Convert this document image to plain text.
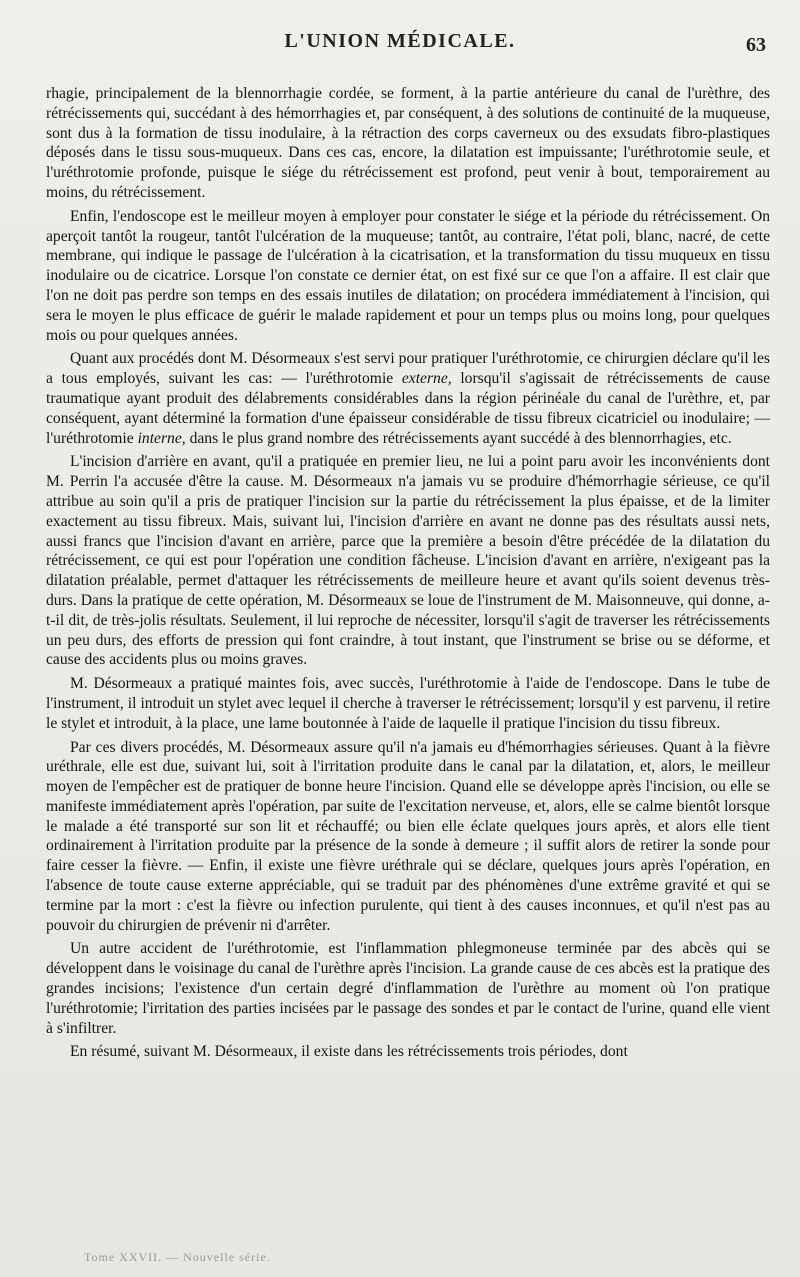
L'UNION MÉDICALE.	63

rhagie, principalement de la blennorrhagie cordée, se forment, à la partie antérieure du canal de l'urèthre, des rétrécissements qui, succédant à des hémorrhagies et, par conséquent, à des solutions de continuité de la muqueuse, sont dus à la formation de tissu inodulaire, à la rétraction des corps caverneux ou des exsudats fibro-plastiques déposés dans le tissu sous-muqueux. Dans ces cas, encore, la dilatation est impuissante; l'uréthrotomie seule, et l'uréthrotomie profonde, puisque le siége du rétrécissement est profond, peut venir à bout, temporairement au moins, du rétrécissement.

Enfin, l'endoscope est le meilleur moyen à employer pour constater le siége et la période du rétrécissement. On aperçoit tantôt la rougeur, tantôt l'ulcération de la muqueuse; tantôt, au contraire, l'état poli, blanc, nacré, de cette membrane, qui indique le passage de l'ulcération à la cicatrisation, et la transformation du tissu muqueux en tissu inodulaire ou de cicatrice. Lorsque l'on constate ce dernier état, on est fixé sur ce que l'on a affaire. Il est clair que l'on ne doit pas perdre son temps en des essais inutiles de dilatation; on procédera immédiatement à l'incision, qui sera le moyen le plus efficace de guérir le malade rapidement et pour un temps plus ou moins long, pour quelques mois ou pour quelques années.

Quant aux procédés dont M. Désormeaux s'est servi pour pratiquer l'uréthrotomie, ce chirurgien déclare qu'il les a tous employés, suivant les cas: — l'uréthrotomie externe, lorsqu'il s'agissait de rétrécissements de cause traumatique ayant produit des délabrements considérables dans la région périnéale du canal de l'urèthre, et, par conséquent, ayant déterminé la formation d'une épaisseur considérable de tissu fibreux cicatriciel ou inodulaire; — l'uréthrotomie interne, dans le plus grand nombre des rétrécissements ayant succédé à des blennorrhagies, etc.

L'incision d'arrière en avant, qu'il a pratiquée en premier lieu, ne lui a point paru avoir les inconvénients dont M. Perrin l'a accusée d'être la cause. M. Désormeaux n'a jamais vu se produire d'hémorrhagie sérieuse, ce qu'il attribue au soin qu'il a pris de pratiquer l'incision sur la partie du rétrécissement la plus épaisse, et de la limiter exactement au tissu fibreux. Mais, suivant lui, l'incision d'arrière en avant ne donne pas des résultats aussi nets, aussi francs que l'incision d'avant en arrière, parce que la première a besoin d'être précédée de la dilatation du rétrécissement, ce qui est pour l'opération une condition fâcheuse. L'incision d'avant en arrière, n'exigeant pas la dilatation préalable, permet d'attaquer les rétrécissements de meilleure heure et avant qu'ils soient devenus très-durs. Dans la pratique de cette opération, M. Désormeaux se loue de l'instrument de M. Maisonneuve, qui donne, a-t-il dit, de très-jolis résultats. Seulement, il lui reproche de nécessiter, lorsqu'il s'agit de traverser les rétrécissements un peu durs, des efforts de pression qui font craindre, à tout instant, que l'instrument se brise ou se déforme, et cause des accidents plus ou moins graves.

M. Désormeaux a pratiqué maintes fois, avec succès, l'uréthrotomie à l'aide de l'endoscope. Dans le tube de l'instrument, il introduit un stylet avec lequel il cherche à traverser le rétrécissement; lorsqu'il y est parvenu, il retire le stylet et introduit, à la place, une lame boutonnée à l'aide de laquelle il pratique l'incision du tissu fibreux.

Par ces divers procédés, M. Désormeaux assure qu'il n'a jamais eu d'hémorrhagies sérieuses. Quant à la fièvre uréthrale, elle est due, suivant lui, soit à l'irritation produite dans le canal par la dilatation, et, alors, le meilleur moyen de l'empêcher est de pratiquer de bonne heure l'incision. Quand elle se développe après l'incision, ou elle se manifeste immédiatement après l'opération, par suite de l'excitation nerveuse, et, alors, elle se calme bientôt lorsque le malade a été transporté sur son lit et réchauffé; ou bien elle éclate quelques jours après, et alors elle tient ordinairement à l'irritation produite par la présence de la sonde à demeure ; il suffit alors de retirer la sonde pour faire cesser la fièvre. — Enfin, il existe une fièvre uréthrale qui se déclare, quelques jours après l'opération, en l'absence de toute cause externe appréciable, qui se traduit par des phénomènes d'une extrême gravité et qui se termine par la mort : c'est la fièvre ou infection purulente, qui tient à des causes inconnues, et qu'il n'est pas au pouvoir du chirurgien de prévenir ni d'arrêter.

Un autre accident de l'uréthrotomie, est l'inflammation phlegmoneuse terminée par des abcès qui se développent dans le voisinage du canal de l'urèthre après l'incision. La grande cause de ces abcès est la pratique des grandes incisions; l'existence d'un certain degré d'inflammation de l'urèthre au moment où l'on pratique l'uréthrotomie; l'irritation des parties incisées par le passage des sondes et par le contact de l'urine, quand elle vient à s'infiltrer.

En résumé, suivant M. Désormeaux, il existe dans les rétrécissements trois périodes, dont

Tome XXVII. — Nouvelle série.
